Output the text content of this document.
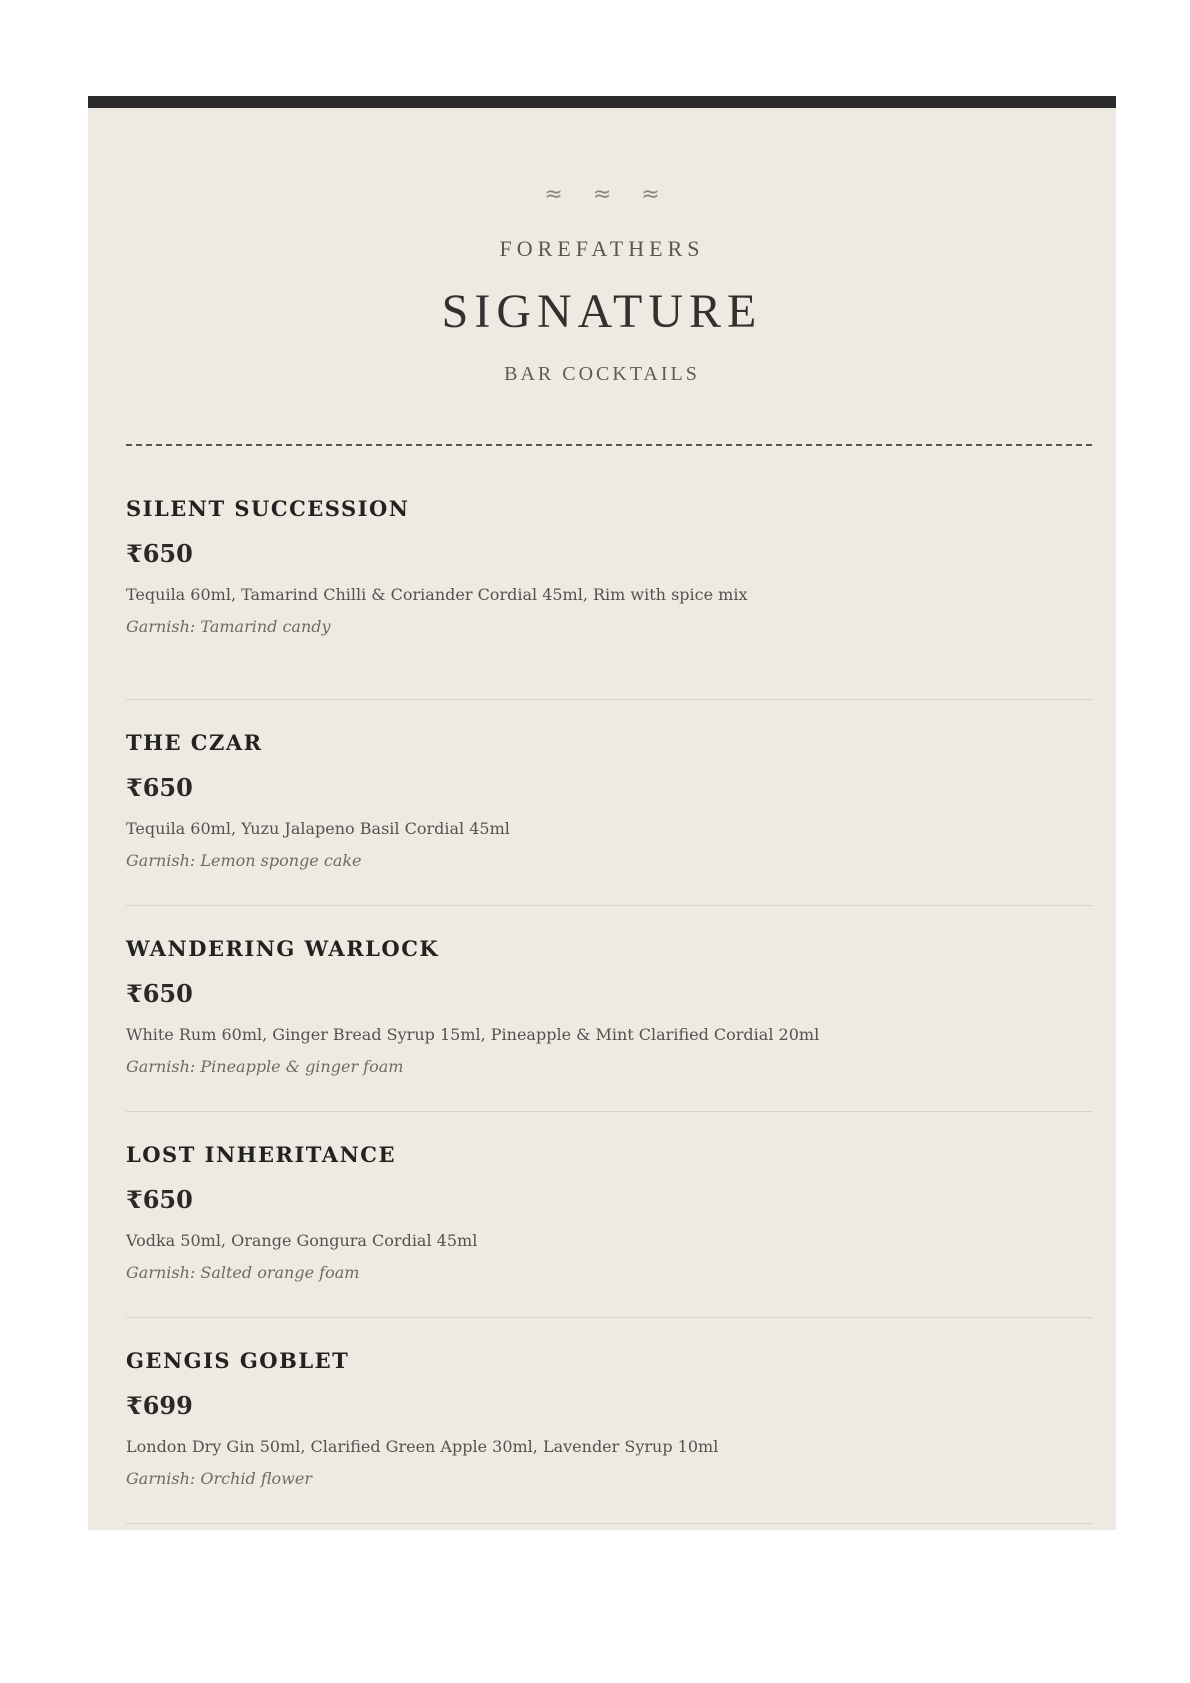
≈≈≈
FOREFATHERS
SIGNATURE
BAR COCKTAILS
SILENT SUCCESSION
₹650
Tequila 60ml, Tamarind Chilli & Coriander Cordial 45ml, Rim with spice mix
Garnish: Tamarind candy
THE CZAR
₹650
Tequila 60ml, Yuzu Jalapeno Basil Cordial 45ml
Garnish: Lemon sponge cake
WANDERING WARLOCK
₹650
White Rum 60ml, Ginger Bread Syrup 15ml, Pineapple & Mint Clarified Cordial 20ml
Garnish: Pineapple & ginger foam
LOST INHERITANCE
₹650
Vodka 50ml, Orange Gongura Cordial 45ml
Garnish: Salted orange foam
GENGIS GOBLET
₹699
London Dry Gin 50ml, Clarified Green Apple 30ml, Lavender Syrup 10ml
Garnish: Orchid flower
